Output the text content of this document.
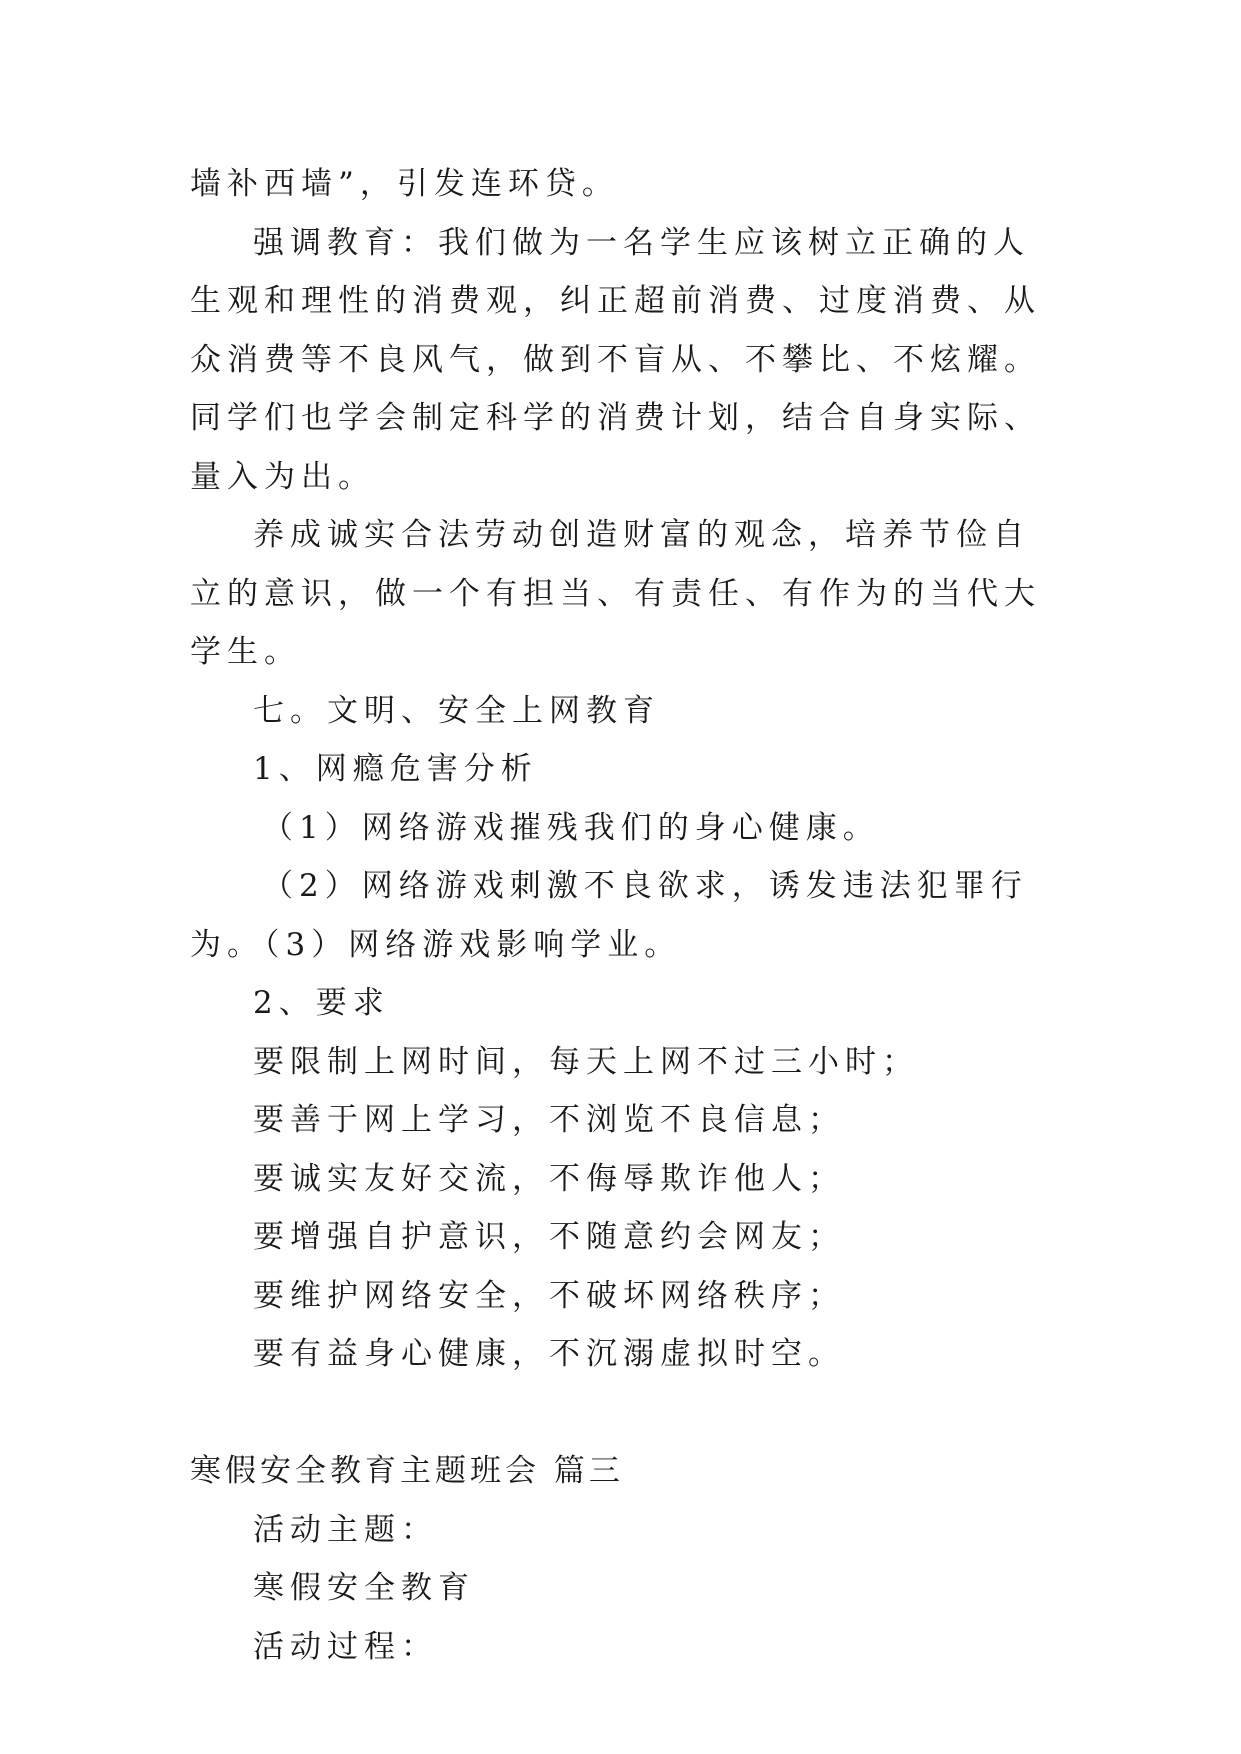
墙补西墙”，引发连环贷。

强调教育：我们做为一名学生应该树立正确的人生观和理性的消费观，纠正超前消费、过度消费、从众消费等不良风气，做到不盲从、不攀比、不炫耀。同学们也学会制定科学的消费计划，结合自身实际、量入为出。

养成诚实合法劳动创造财富的观念，培养节俭自立的意识，做一个有担当、有责任、有作为的当代大学生。

七。文明、安全上网教育

1、网瘾危害分析

（1）网络游戏摧残我们的身心健康。

（2）网络游戏刺激不良欲求，诱发违法犯罪行为。（3）网络游戏影响学业。

2、要求

要限制上网时间，每天上网不过三小时；

要善于网上学习，不浏览不良信息；

要诚实友好交流，不侮辱欺诈他人；

要增强自护意识，不随意约会网友；

要维护网络安全，不破坏网络秩序；

要有益身心健康，不沉溺虚拟时空。

寒假安全教育主题班会 篇三

活动主题：

寒假安全教育

活动过程：
